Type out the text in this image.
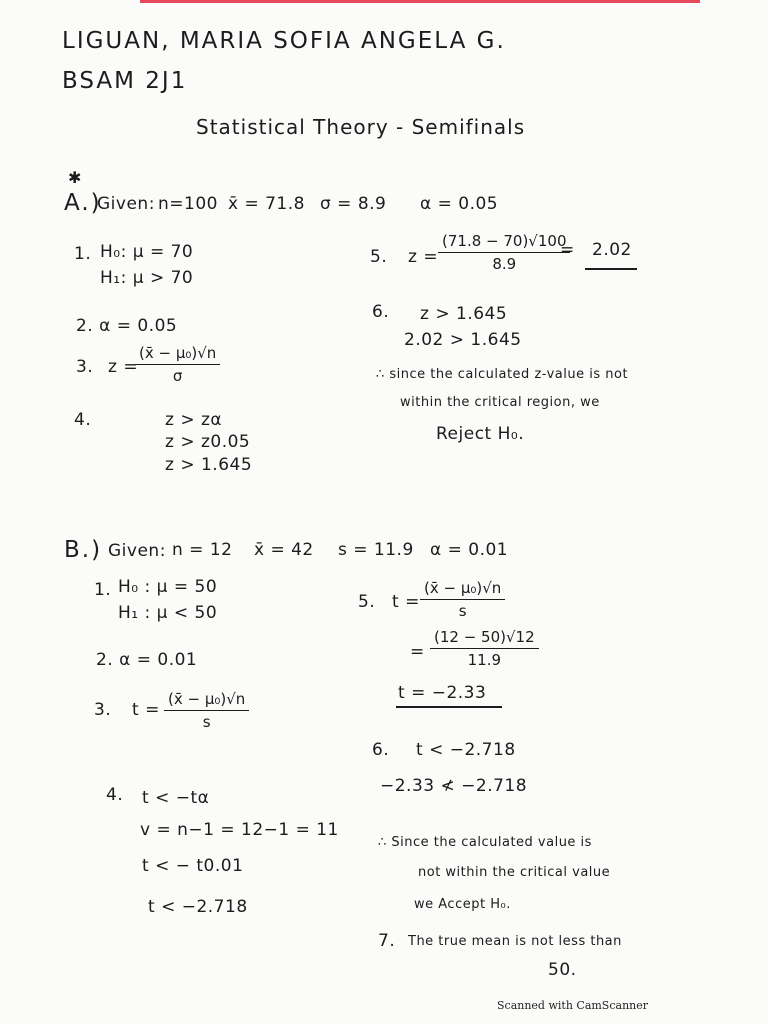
LIGUAN, MARIA SOFIA ANGELA G.
BSAM 2J1
Statistical Theory - Semifinals
✱
A.)
Given: n=100 x̄ = 71.8 σ = 8.9 α = 0.05
1. H₀: μ = 70
H₁: μ > 70
2. α = 0.05
3. z =
$\frac{\text{(x̄ − μ₀)√n}}{\sigma}$
4.	z > zα
z > z0.05
z > 1.645
5. $z = \frac{(71.8 - 70)√100}{8.9}$
= 2.02
6. z > 1.645
2.02 > 1.645
∴ since the calculated z-value is not
within the critical region, we
Reject H₀.
B.) Given: n = 12 x̄ = 42 s = 11.9 α = 0.01
1. H₀ : μ = 50
H₁ : μ < 50
2. α = 0.01
3. $t = \frac{\text{(x̄ − μ₀)√n}}{s}$
4. t < −tα
v = n−1 = 12−1 = 11
t < − t0.01
t < −2.718
5. $t = \frac{\text{(x̄ − μ₀)√n}}{s}$
= $\frac{(12 - 50)√12}{11.9}$
t = −2.33
6. t < −2.718
−2.33 ≮ −2.718
∴ Since the calculated value is
not within the critical value
we Accept H₀.
7. The true mean is not less than
50.
Scanned with CamScanner
